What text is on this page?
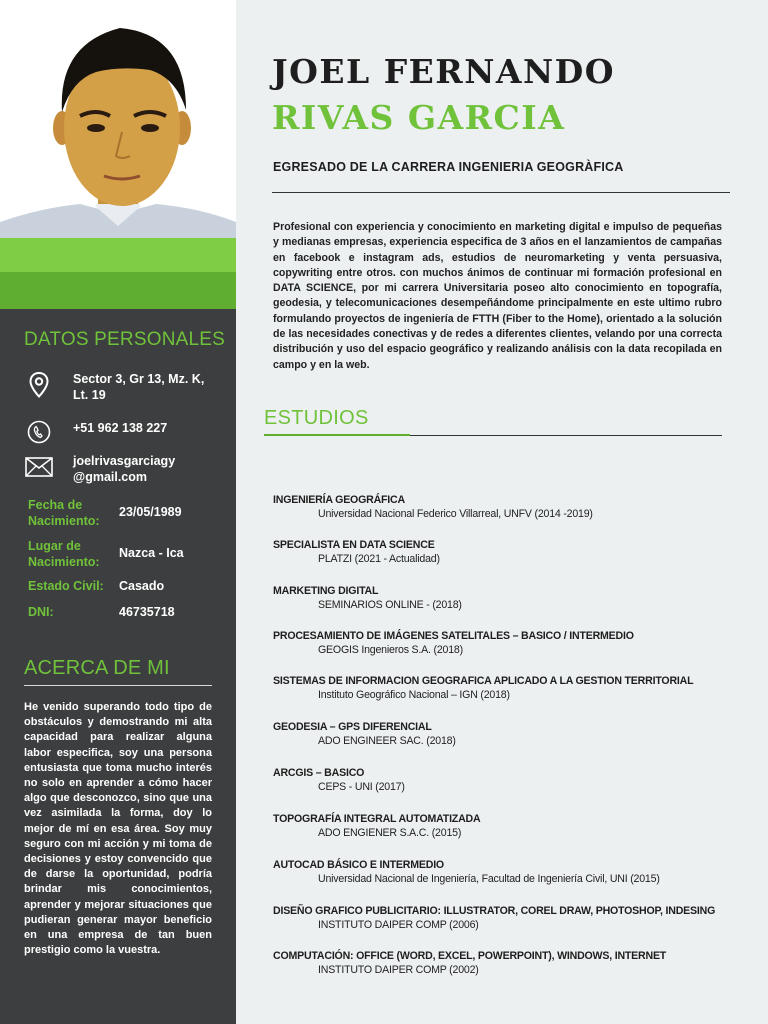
DATOS PERSONALES
Sector 3, Gr 13, Mz. K,
Lt. 19
+51 962 138 227
joelrivasgarciagy
@gmail.com
Fecha de
Nacimiento:
23/05/1989
Lugar de
Nacimiento:
Nazca - Ica
Estado Civil:	Casado
DNI:	46735718
ACERCA DE MI
He venido superando todo tipo de obstáculos y demostrando mi alta capacidad para realizar alguna labor especifica, soy una persona entusiasta que toma mucho interés no solo en aprender a cómo hacer algo que desconozco, sino que una vez asimilada la forma, doy lo mejor de mí en esa área. Soy muy seguro con mi acción y mi toma de decisiones y estoy convencido que de darse la oportunidad, podría brindar mis conocimientos, aprender y mejorar situaciones que pudieran generar mayor beneficio en una empresa de tan buen prestigio como la vuestra.
JOEL FERNANDO
RIVAS GARCIA
EGRESADO DE LA CARRERA INGENIERIA GEOGRÀFICA
Profesional con experiencia y conocimiento en marketing digital e impulso de pequeñas y medianas empresas, experiencia especifica de 3 años en el lanzamientos de campañas en facebook e instagram ads, estudios de neuromarketing y venta persuasiva, copywriting entre otros. con muchos ánimos de continuar mi formación profesional en DATA SCIENCE, por mi carrera Universitaria poseo alto conocimiento en topografía, geodesia, y telecomunicaciones desempeñándome principalmente en este ultimo rubro formulando proyectos de ingeniería de FTTH (Fiber to the Home), orientado a la solución de las necesidades conectivas y de redes a diferentes clientes, velando por una correcta distribución y uso del espacio geográfico y realizando análisis con la data recopilada en campo y en la web.
ESTUDIOS
INGENIERÍA GEOGRÁFICA
Universidad Nacional Federico Villarreal, UNFV (2014 -2019)
SPECIALISTA EN DATA SCIENCE
PLATZI (2021 - Actualidad)
MARKETING DIGITAL
SEMINARIOS ONLINE - (2018)
PROCESAMIENTO DE IMÁGENES SATELITALES – BASICO / INTERMEDIO
GEOGIS Ingenieros S.A. (2018)
SISTEMAS DE INFORMACION GEOGRAFICA APLICADO A LA GESTION TERRITORIAL
Instituto Geográfico Nacional – IGN (2018)
GEODESIA – GPS DIFERENCIAL
ADO ENGINEER SAC. (2018)
ARCGIS – BASICO
CEPS - UNI (2017)
TOPOGRAFÍA INTEGRAL AUTOMATIZADA
ADO ENGIENER S.A.C. (2015)
AUTOCAD BÁSICO E INTERMEDIO
Universidad Nacional de Ingeniería, Facultad de Ingeniería Civil, UNI (2015)
DISEÑO GRAFICO PUBLICITARIO: ILLUSTRATOR, COREL DRAW, PHOTOSHOP, INDESING
INSTITUTO DAIPER COMP (2006)
COMPUTACIÓN: OFFICE (WORD, EXCEL, POWERPOINT), WINDOWS, INTERNET
INSTITUTO DAIPER COMP (2002)
